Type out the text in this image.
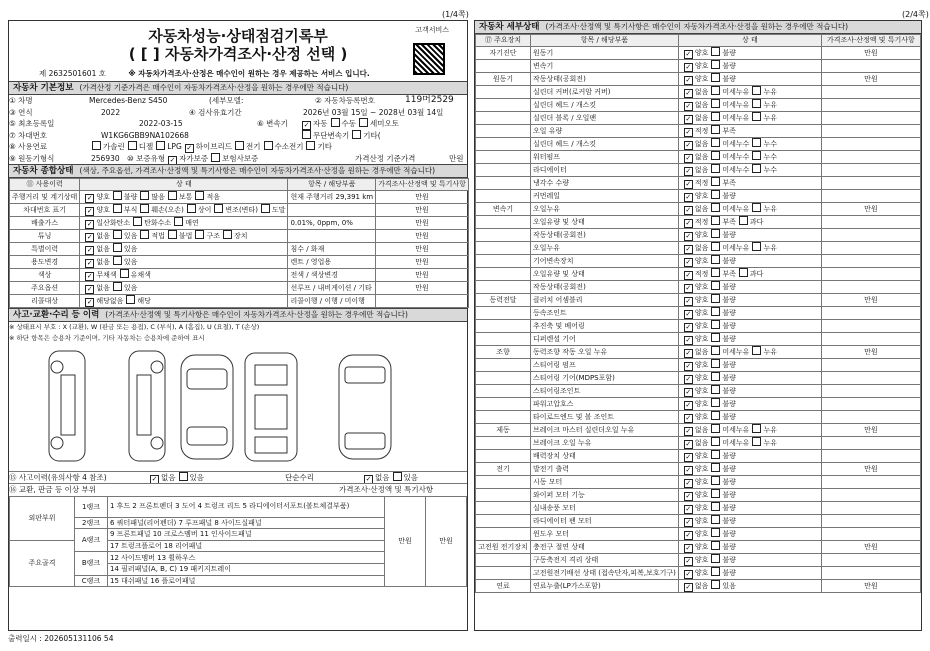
(1/4쪽)	(2/4쪽)
자동차성능·상태점검기록부
( [ ] 자동차가격조사·산정 선택 )
고객서비스
제 2632501601 호	※ 자동차가격조사·산정은 매수인이 원하는 경우 제공하는 서비스 입니다.
자동차 기본정보 (가격산정 기준가격은 매수인이 자동차가격조사·산정을 원하는 경우에만 적습니다)
① 차명	Mercedes-Benz S450	(세부모델:	② 자동차등록번호	119머2529
③ 연식	2022	④ 검사유효기간	2026년 03월 15일 ~ 2028년 03월 14일
⑤ 최초등록일	2022-03-15	⑥ 변속기	✓ 자동 수동 세미오토
⑦ 차대번호	W1KG6GBB9NA102668	무단변속기 기타(
⑧ 사용연료	가솔린 디젤 LPG ✓ 하이브리드 전기 수소전기 기타
⑨ 원동기형식	256930 ⑩ 보증유형 ✓ 자가보증 보험사보증	가격산정 기준가격	만원
자동차 종합상태 (색상, 주요옵션, 가격조사·산정액 및 특기사항은 매수인이 자동차가격조사·산정을 원하는 경우에만 적습니다)
⑪ 사용이력	상 태	항목 / 해당부품	가격조사·산정액 및 특기사항
주행거리 및 계기상태	✓ 양호 불량 많음 보통 적음	현재 주행거리 29,391 km	만원
차대번호 표기	✓ 양호 부식 훼손(오손) 상이 변조(변타) 도말		만원
배출가스	✓ 일산화탄소 탄화수소 매연	0.01%, 0ppm, 0%	만원
튜닝	✓ 없음 있음 적법 불법 구조 장치		만원
특별이력	✓ 없음 있음	침수 / 화재	만원
용도변경	✓ 없음 있음	렌트 / 영업용	만원
색상	✓ 무채색 유채색	전색 / 색상변경	만원
주요옵션	✓ 없음 있음	선루프 / 내비게이션 / 기타	만원
리콜대상	✓ 해당없음 해당	리콜이행 / 이행 / 미이행	
사고·교환·수리 등 이력 (가격조사·산정액 및 특기사항은 매수인이 자동차가격조사·산정을 원하는 경우에만 적습니다)
※ 상태표시 부호 : X (교환), W (판금 또는 용접), C (부식), A (흠집), U (요철), T (손상)
※ 하단 항목은 승용차 기준이며, 기타 자동차는 승용차에 준하여 표시
⑮ 사고이력(유의사항 4 참조)	✓ 없음 있음	단순수리	✓ 없음 있음
⑯ 교환, 판금 등 이상 부위	가격조사·산정액 및 특기사항
외판부위	1랭크	1 후드 2 프론트펜더 3 도어 4 트렁크 리드 5 라디에이터서포트(볼트체결부품)	만원	만원
	2랭크	6 쿼터패널(리어펜더) 7 루프패널 8 사이드실패널		
	A랭크	9 프론트패널 10 크로스멤버 11 인사이드패널		
주요골격		17 트렁크플로어 18 리어패널		
	B랭크	12 사이드멤버 13 휠하우스		
		14 필러패널(A, B, C) 19 패키지트레이		
	C랭크	15 대쉬패널 16 플로어패널		
출력일시 : 202605131106 54
자동차 세부상태 (가격조사·산정액 및 특기사항은 매수인이 자동차가격조사·산정을 원하는 경우에만 적습니다)
⑰ 주요장치	항목 / 해당부품	상 태	가격조사·산정액 및 특기사항
자기진단	원동기	✓ 양호 불량	만원
	변속기	✓ 양호 불량	
원동기	작동상태(공회전)	✓ 양호 불량	만원
	실린더 커버(로커암 커버)	✓ 없음 미세누유 누유	
	실린더 헤드 / 개스킷	✓ 없음 미세누유 누유	
	실린더 블록 / 오일팬	✓ 없음 미세누유 누유	
	오일 유량	✓ 적정 부족	
	실린더 헤드 / 개스킷	✓ 없음 미세누수 누수	
	워터펌프	✓ 없음 미세누수 누수	
	라디에이터	✓ 없음 미세누수 누수	
	냉각수 수량	✓ 적정 부족	
	커먼레일	✓ 양호 불량	
변속기	오일누유	✓ 없음 미세누유 누유	만원
	오일유량 및 상태	✓ 적정 부족 과다	
	작동상태(공회전)	✓ 양호 불량	
	오일누유	✓ 없음 미세누유 누유	
	기어변속장치	✓ 양호 불량	
	오일유량 및 상태	✓ 적정 부족 과다	
	작동상태(공회전)	✓ 양호 불량	
동력전달	클러치 어셈블리	✓ 양호 불량	만원
	등속조인트	✓ 양호 불량	
	추진축 및 베어링	✓ 양호 불량	
	디퍼렌셜 기어	✓ 양호 불량	
조향	동력조향 작동 오일 누유	✓ 없음 미세누유 누유	만원
	스티어링 펌프	✓ 양호 불량	
	스티어링 기어(MDPS포함)	✓ 양호 불량	
	스티어링조인트	✓ 양호 불량	
	파워고압호스	✓ 양호 불량	
	타이로드엔드 및 볼 조인트	✓ 양호 불량	
제동	브레이크 마스터 실린더오일 누유	✓ 없음 미세누유 누유	만원
	브레이크 오일 누유	✓ 없음 미세누유 누유	
	배력장치 상태	✓ 양호 불량	
전기	발전기 출력	✓ 양호 불량	만원
	시동 모터	✓ 양호 불량	
	와이퍼 모터 기능	✓ 양호 불량	
	실내송풍 모터	✓ 양호 불량	
	라디에이터 팬 모터	✓ 양호 불량	
	윈도우 모터	✓ 양호 불량	
고전원 전기장치	충전구 절연 상태	✓ 양호 불량	만원
	구동축전지 격리 상태	✓ 양호 불량	
	고전원전기배선 상태 (접속단자,피복,보호기구)	✓ 양호 불량	
연료	연료누출(LP가스포함)	✓ 없음 있음	만원
